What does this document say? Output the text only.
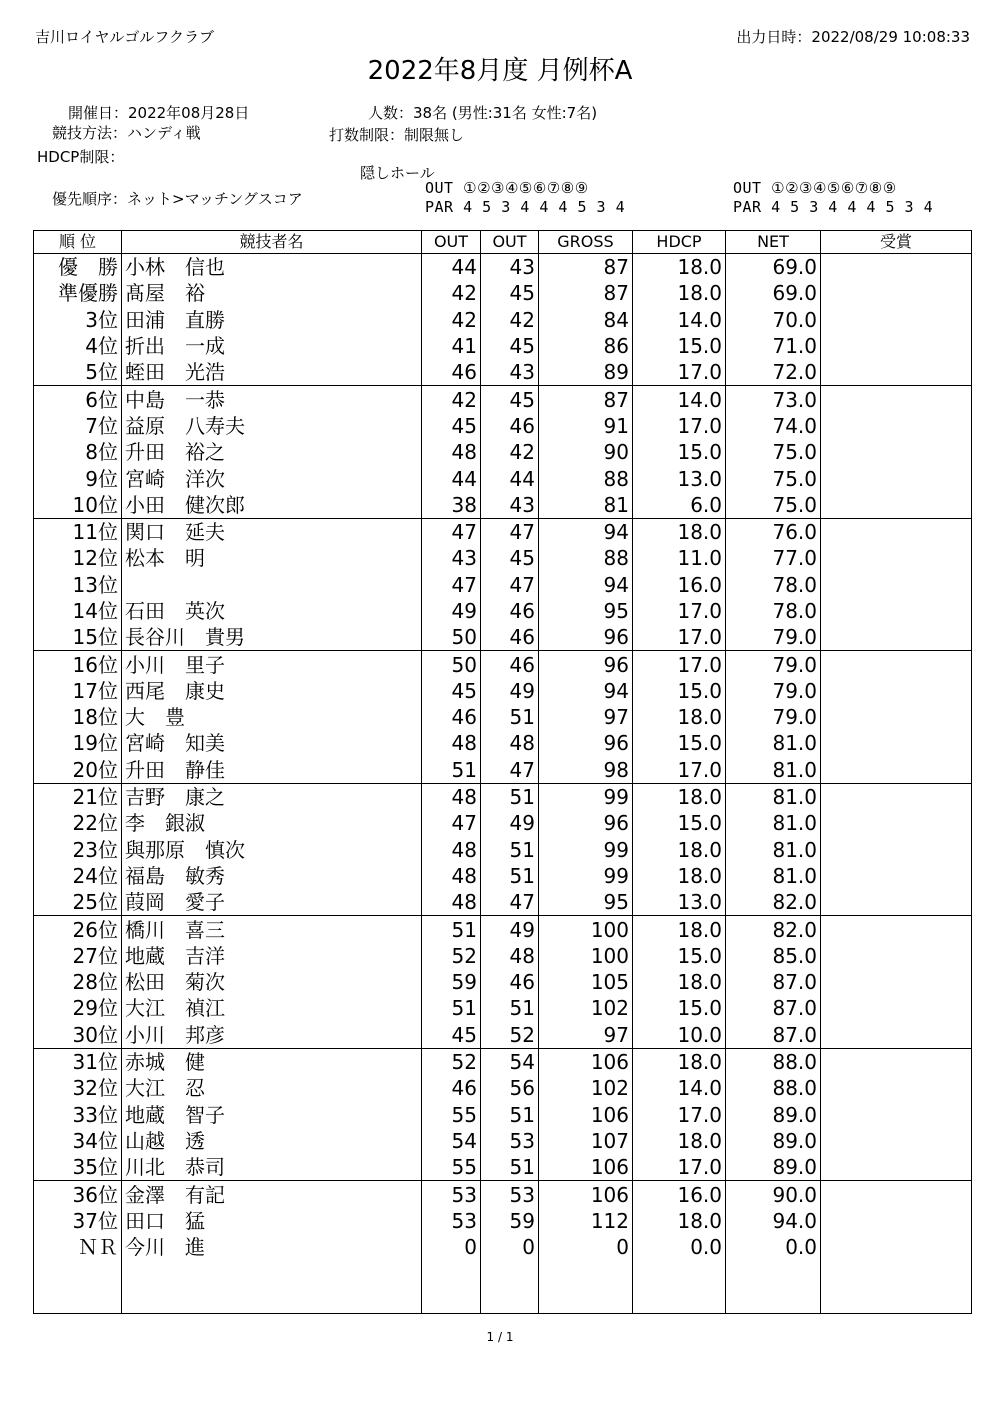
吉川ロイヤルゴルフクラブ	出力日時：2022/08/29 10:08:33
2022年8月度 月例杯A
開催日：2022年08月28日
競技方法：ハンディ戦
HDCP制限：
優先順序：ネット>マッチングスコア
人数：38名 (男性:31名 女性:7名)
打数制限：制限無し
隠しホール
OUT ①②③④⑤⑥⑦⑧⑨
PAR 4 5 3 4 4 4 5 3 4
OUT ①②③④⑤⑥⑦⑧⑨
PAR 4 5 3 4 4 4 5 3 4
順 位	競技者名	OUT	OUT	GROSS	HDCP	NET	受賞
優　勝	小林　信也	44	43	87	18.0	69.0	
準優勝	髙屋　裕	42	45	87	18.0	69.0	
3位	田浦　直勝	42	42	84	14.0	70.0	
4位	折出　一成	41	45	86	15.0	71.0	
5位	蛭田　光浩	46	43	89	17.0	72.0	
6位	中島　一恭	42	45	87	14.0	73.0	
7位	益原　八寿夫	45	46	91	17.0	74.0	
8位	升田　裕之	48	42	90	15.0	75.0	
9位	宮崎　洋次	44	44	88	13.0	75.0	
10位	小田　健次郎	38	43	81	6.0	75.0	
11位	関口　延夫	47	47	94	18.0	76.0	
12位	松本　明	43	45	88	11.0	77.0	
13位		47	47	94	16.0	78.0	
14位	石田　英次	49	46	95	17.0	78.0	
15位	長谷川　貴男	50	46	96	17.0	79.0	
16位	小川　里子	50	46	96	17.0	79.0	
17位	西尾　康史	45	49	94	15.0	79.0	
18位	大　豊	46	51	97	18.0	79.0	
19位	宮崎　知美	48	48	96	15.0	81.0	
20位	升田　静佳	51	47	98	17.0	81.0	
21位	吉野　康之	48	51	99	18.0	81.0	
22位	李　銀淑	47	49	96	15.0	81.0	
23位	與那原　慎次	48	51	99	18.0	81.0	
24位	福島　敏秀	48	51	99	18.0	81.0	
25位	葭岡　愛子	48	47	95	13.0	82.0	
26位	橋川　喜三	51	49	100	18.0	82.0	
27位	地蔵　吉洋	52	48	100	15.0	85.0	
28位	松田　菊次	59	46	105	18.0	87.0	
29位	大江　禎江	51	51	102	15.0	87.0	
30位	小川　邦彦	45	52	97	10.0	87.0	
31位	赤城　健	52	54	106	18.0	88.0	
32位	大江　忍	46	56	102	14.0	88.0	
33位	地蔵　智子	55	51	106	17.0	89.0	
34位	山越　透	54	53	107	18.0	89.0	
35位	川北　恭司	55	51	106	17.0	89.0	
36位	金澤　有記	53	53	106	16.0	90.0	
37位	田口　猛	53	59	112	18.0	94.0	
ＮＲ	今川　進	0	0	0	0.0	0.0	

1 / 1
